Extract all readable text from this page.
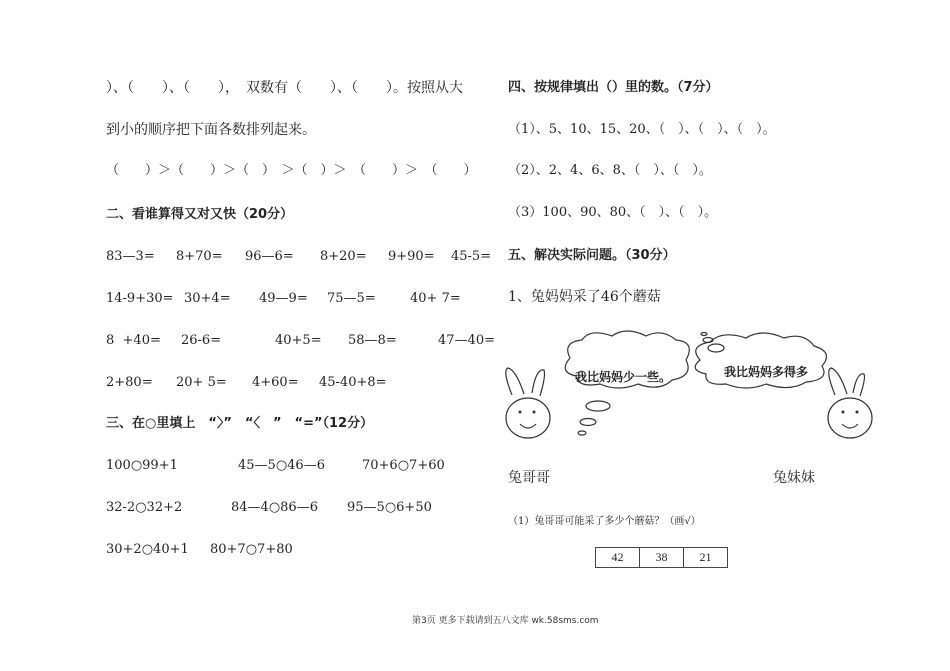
）、（　　）、（　　），　双数有（　　）、（　　）。按照从大
到小的顺序把下面各数排列起来。
（　　）＞（　　）＞（　）　＞（　）＞　（　　）＞　（　　）
二、看谁算得又对又快（20分）
83—3= 8+70= 96—6= 8+20= 9+90= 45-5=
14-9+30= 30+4= 49—9= 75—5=	40+ 7=
8  +40= 26-6=	40+5= 58—8=	47—40=
2+80= 20+ 5= 4+60= 45-40+8=
三、在○里填上　“〉”　“〈　”　“=”（12分）
100○99+1	45—5○46—6	70+6○7+60
32-2○32+2	84—4○86—6 95—5○6+50
30+2○40+1 80+7○7+80
四、按规律填出（）里的数。（7分）
（1）、5、10、15、20、（　）、（　）、（　）。
（2）、2、4、6、8、（　）、（　）。
（3）100、90、80、（　）、（　）。
五、解决实际问题。（30分）
1、兔妈妈采了46个蘑菇
我比妈妈少一些。	我比妈妈多得多
兔哥哥	兔妹妹
（1）兔哥哥可能采了多少个蘑菇？（画√）
42	38	21
第3页 更多下载请到五八文库 wk.58sms.com
